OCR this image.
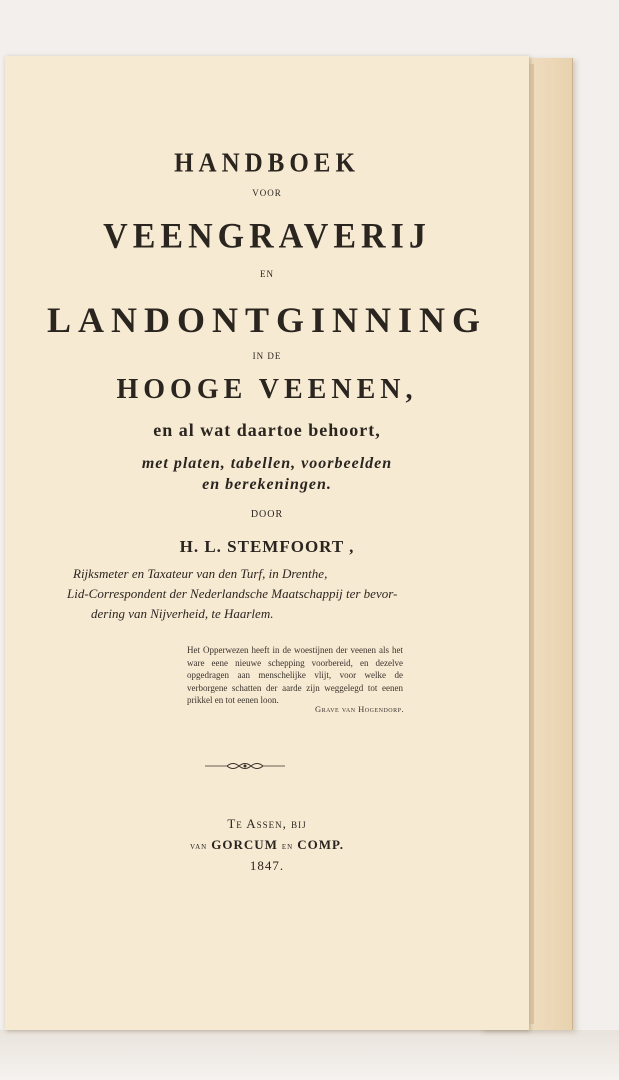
HANDBOEK
VOOR
VEENGRAVERIJ
EN
LANDONTGINNING
IN DE
HOOGE VEENEN,
en al wat daartoe behoort,
met platen, tabellen, voorbeelden
en berekeningen.
DOOR
H. L. STEMFOORT ,
Rijksmeter en Taxateur van den Turf, in Drenthe,
Lid-Correspondent der Nederlandsche Maatschappij ter bevor-
dering van Nijverheid, te Haarlem.
Het Opperwezen heeft in de woestijnen der veenen als het ware eene nieuwe schepping voorbereid, en dezelve opgedragen aan menschelijke vlijt, voor welke de verborgene schatten der aarde zijn weggelegd tot eenen prikkel en tot eenen loon.
Grave van Hogendorp.
Te Assen, bij
van GORCUM en COMP.
1847.
